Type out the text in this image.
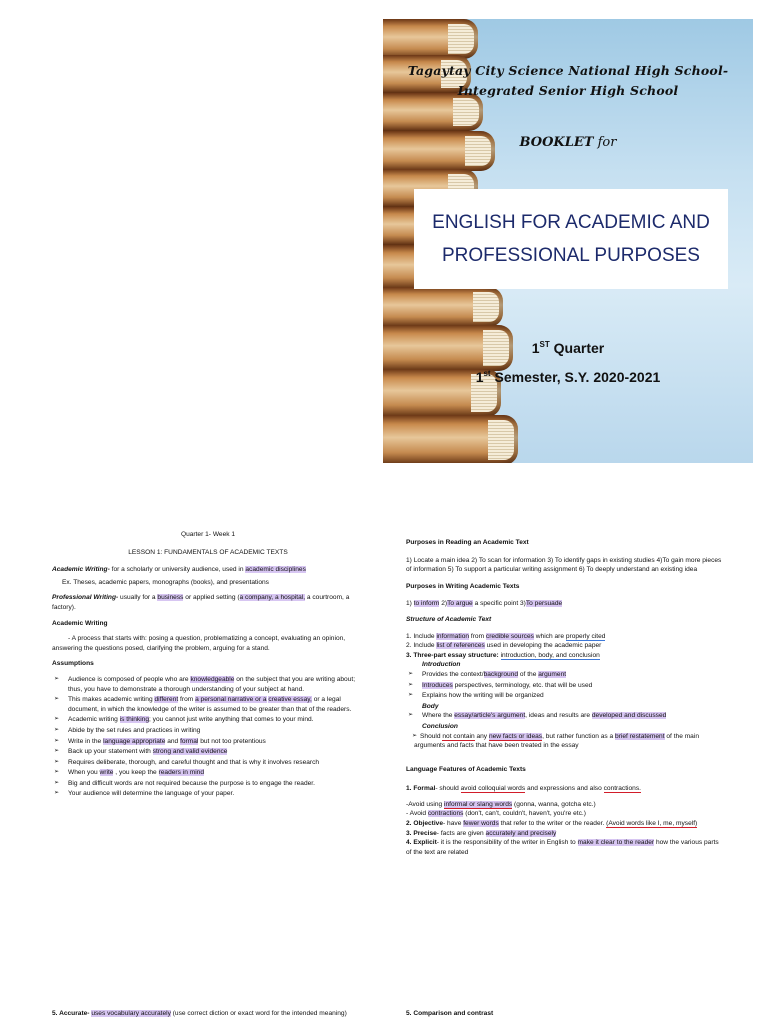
Tagaytay City Science National High School-
Integrated Senior High School
BOOKLET for
ENGLISH FOR ACADEMIC AND PROFESSIONAL PURPOSES
1ST Quarter
1st Semester, S.Y. 2020-2021

Quarter 1- Week 1

LESSON 1: FUNDAMENTALS OF ACADEMIC TEXTS

Academic Writing- for a scholarly or university audience, used in academic disciplines

Ex. Theses, academic papers, monographs (books), and presentations

Professional Writing- usually for a business or applied setting (a company, a hospital, a courtroom, a factory).

Academic Writing

- A process that starts with: posing a question, problematizing a concept, evaluating an opinion, answering the questions posed, clarifying the problem, arguing for a stand.

Assumptions

➢ Audience is composed of people who are knowledgeable on the subject that you are writing about; thus, you have to demonstrate a thorough understanding of your subject at hand.
➢ This makes academic writing different from a personal narrative or a creative essay, or a legal document, in which the knowledge of the writer is assumed to be greater than that of the readers.
➢ Academic writing is thinking; you cannot just write anything that comes to your mind.
➢ Abide by the set rules and practices in writing
➢ Write in the language appropriate and formal but not too pretentious
➢ Back up your statement with strong and valid evidence
➢ Requires deliberate, thorough, and careful thought and that is why it involves research
➢ When you write , you keep the readers in mind
➢ Big and difficult words are not required because the purpose is to engage the reader.
➢ Your audience will determine the language of your paper.

5. Accurate- uses vocabulary accurately (use correct diction or exact word for the intended meaning)

Purposes in Reading an Academic Text

1) Locate a main idea 2) To scan for information 3) To identify gaps in existing studies 4)To gain more pieces of information 5) To support a particular writing assignment 6) To deeply understand an existing idea

Purposes in Writing Academic Texts

1) to inform 2)To argue a specific point 3)To persuade

Structure of Academic Text

1. Include information from credible sources which are properly cited

2. Include list of references used in developing the academic paper

3. Three-part essay structure: introduction, body, and conclusion

Introduction

➢ Provides the context/background of the argument
➢ Introduces perspectives, terminology, etc. that will be used
➢ Explains how the writing will be organized

Body

➢ Where the essay/article's argument, ideas and results are developed and discussed

Conclusion

➢ Should not contain any new facts or ideas, but rather function as a brief restatement of the main arguments and facts that have been treated in the essay

Language Features of Academic Texts

1. Formal- should avoid colloquial words and expressions and also contractions.

-Avoid using informal or slang words (gonna, wanna, gotcha etc.)

- Avoid contractions (don't, can't, couldn't, haven't, you're etc.)

2. Objective- have fewer words that refer to the writer or the reader. (Avoid words like I, me, myself)

3. Precise- facts are given accurately and precisely

4. Explicit- it is the responsibility of the writer in English to make it clear to the reader how the various parts of the text are related

5. Comparison and contrast
